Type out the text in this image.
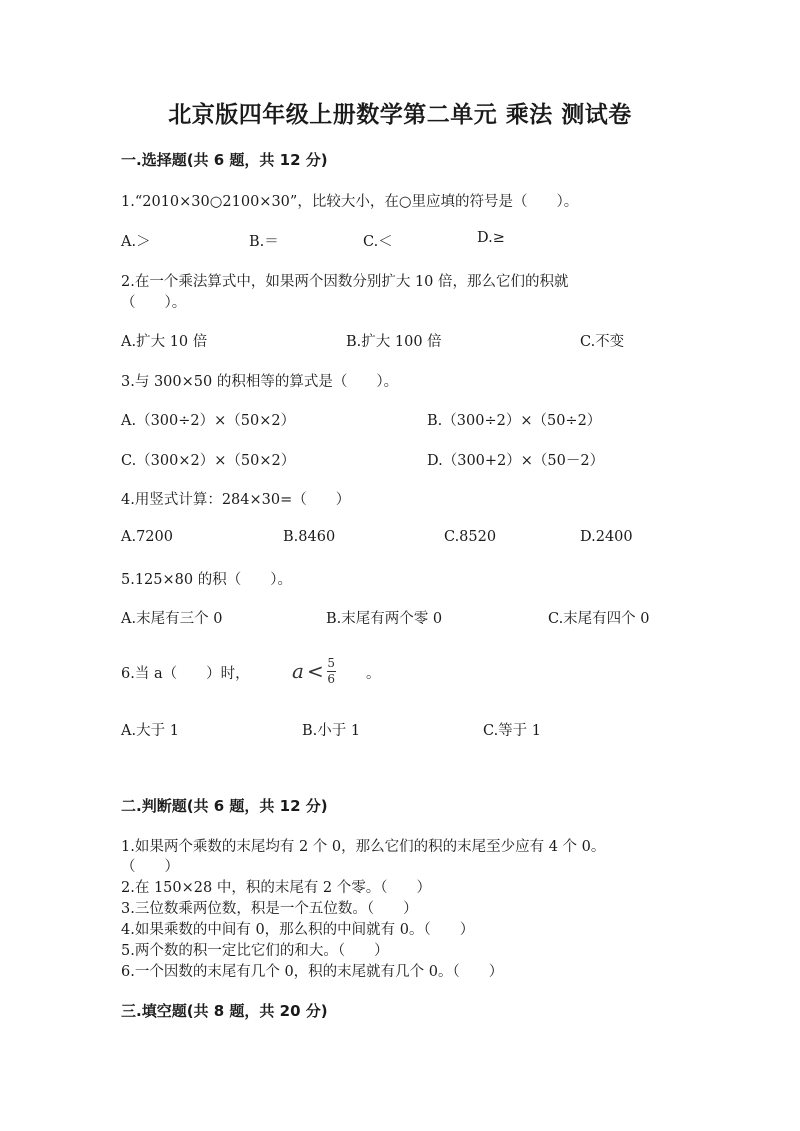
北京版四年级上册数学第二单元 乘法 测试卷
一.选择题(共 6 题，共 12 分)
1.“2010×30○2100×30”，比较大小，在○里应填的符号是（　　）。
A.＞	B.＝	C.＜	D.≥
2.在一个乘法算式中，如果两个因数分别扩大 10 倍，那么它们的积就
（　　）。
A.扩大 10 倍	B.扩大 100 倍	C.不变
3.与 300×50 的积相等的算式是（　　）。
A.（300÷2）×（50×2）	B.（300÷2）×（50÷2）
C.（300×2）×（50×2）	D.（300+2）×（50－2）
4.用竖式计算：284×30=（　　）
A.7200	B.8460	C.8520	D.2400
5.125×80 的积（　　）。
A.末尾有三个 0	B.末尾有两个零 0	C.末尾有四个 0
6.当 a（　　）时， $a < \frac{5}{6}$ 。
A.大于 1	B.小于 1	C.等于 1
二.判断题(共 6 题，共 12 分)
1.如果两个乘数的末尾均有 2 个 0，那么它们的积的末尾至少应有 4 个 0。
（　　）
2.在 150×28 中，积的末尾有 2 个零。（　　）
3.三位数乘两位数，积是一个五位数。（　　）
4.如果乘数的中间有 0，那么积的中间就有 0。（　　）
5.两个数的积一定比它们的和大。（　　）
6.一个因数的末尾有几个 0，积的末尾就有几个 0。（　　）
三.填空题(共 8 题，共 20 分)
